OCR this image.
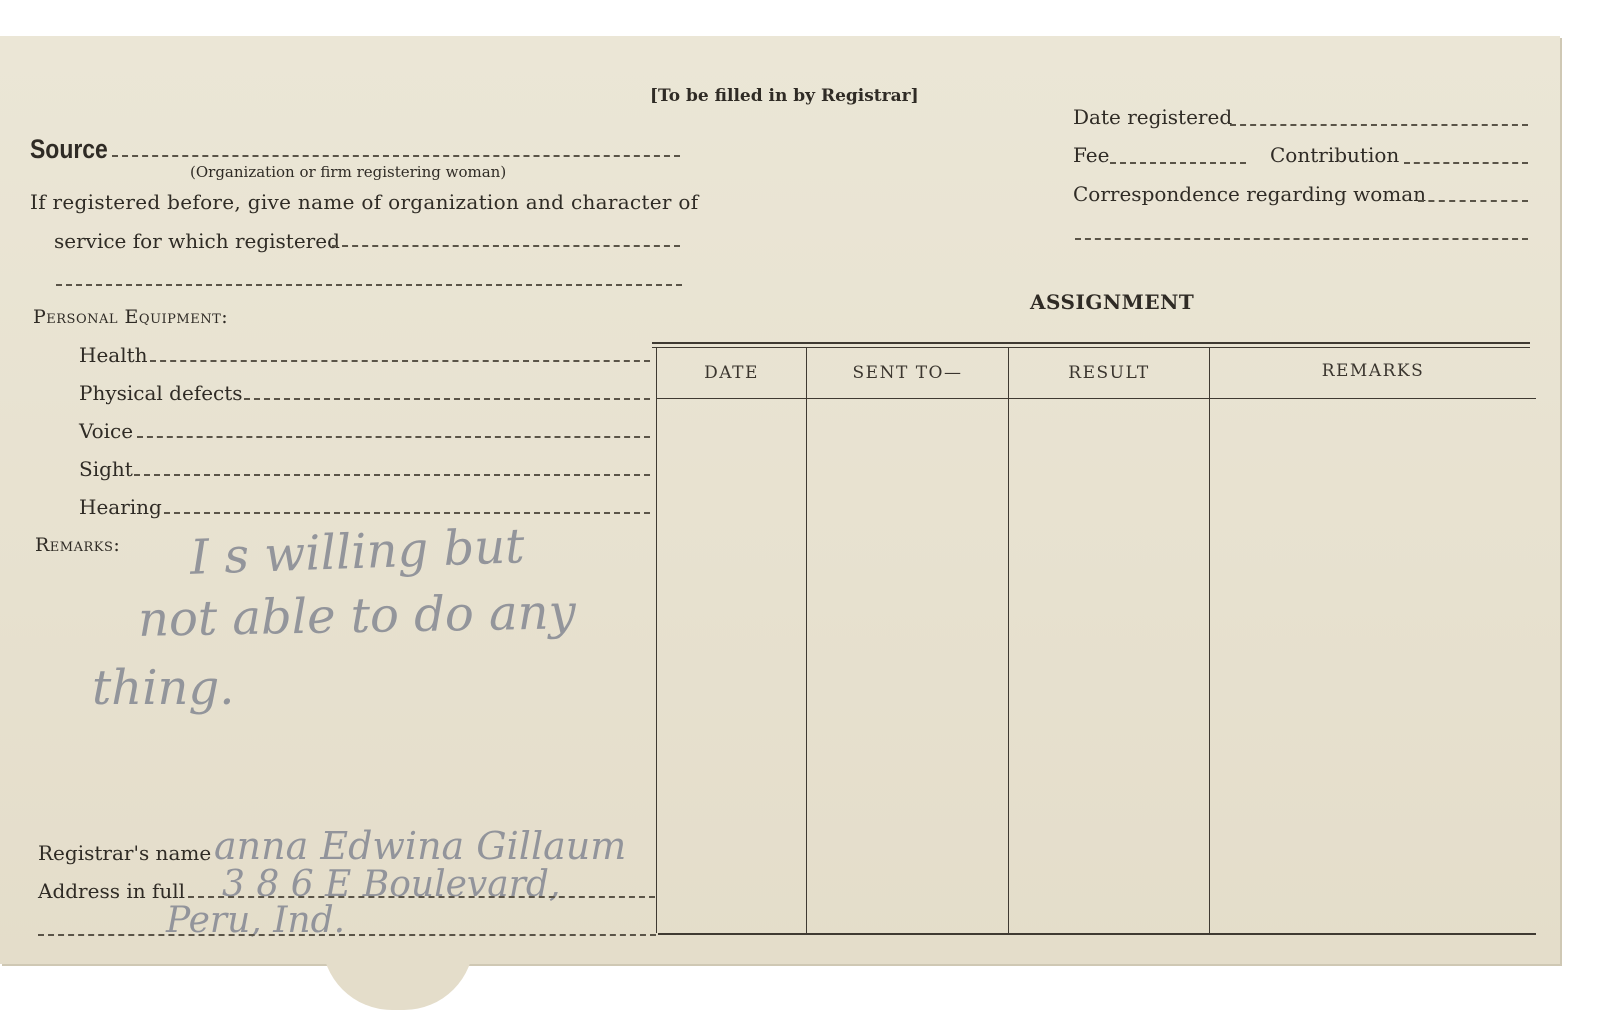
[To be filled in by Registrar]
Source
(Organization or firm registering woman)
If registered before, give name of organization and character of
service for which registered
Date registered
Fee	Contribution
Correspondence regarding woman
Personal Equipment:
Health
Physical defects
Voice
Sight
Hearing
Remarks: I s willing but
not able to do any
thing.
Registrar's name anna Edwina Gillaum
Address in full 3 8 6 E Boulevard,
Peru, Ind.
ASSIGNMENT
DATE	SENT TO—	RESULT	REMARKS
